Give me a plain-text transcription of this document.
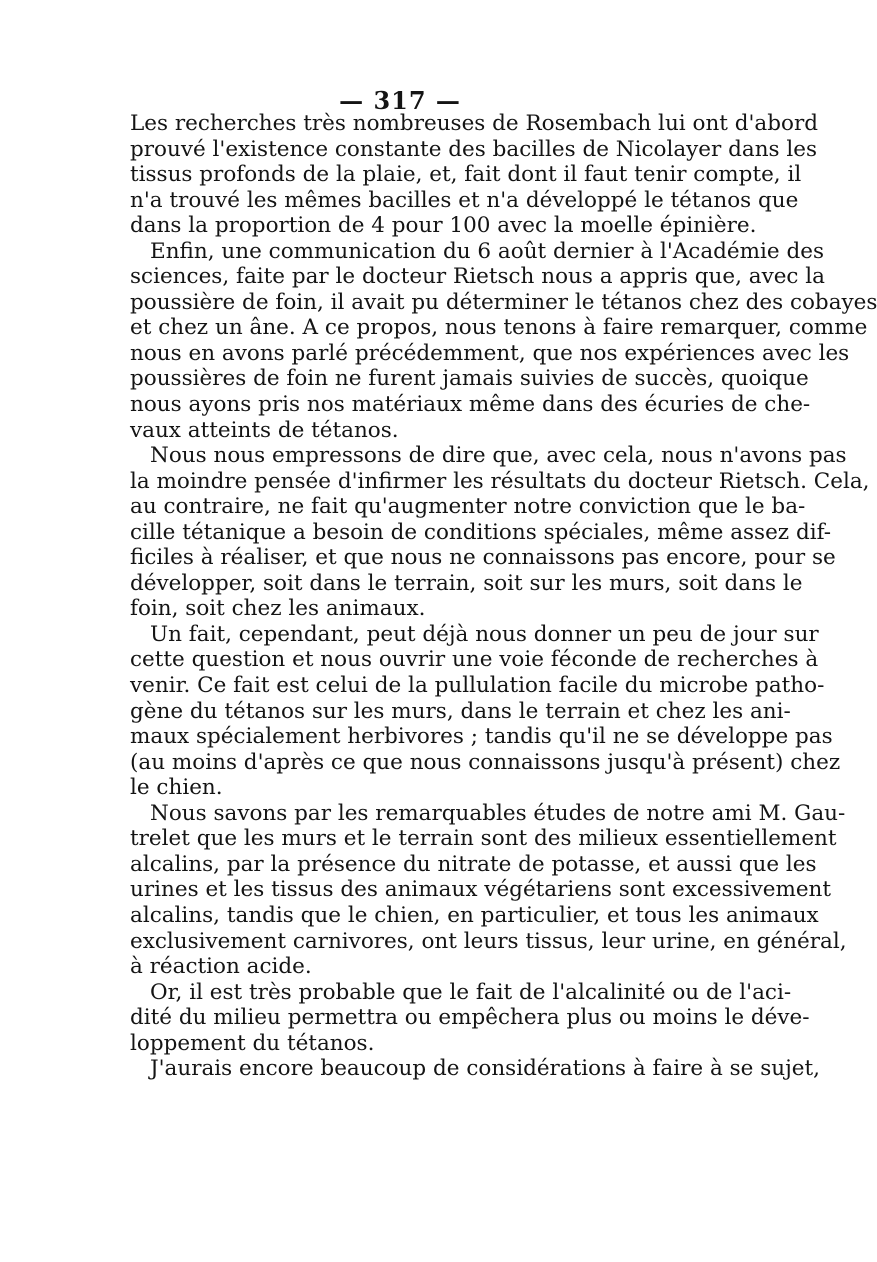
— 317 —
Les recherches très nombreuses de Rosembach lui ont d'abord
prouvé l'existence constante des bacilles de Nicolayer dans les
tissus profonds de la plaie, et, fait dont il faut tenir compte, il
n'a trouvé les mêmes bacilles et n'a développé le tétanos que
dans la proportion de 4 pour 100 avec la moelle épinière.
Enfin, une communication du 6 août dernier à l'Académie des
sciences, faite par le docteur Rietsch nous a appris que, avec la
poussière de foin, il avait pu déterminer le tétanos chez des cobayes
et chez un âne. A ce propos, nous tenons à faire remarquer, comme
nous en avons parlé précédemment, que nos expériences avec les
poussières de foin ne furent jamais suivies de succès, quoique
nous ayons pris nos matériaux même dans des écuries de che-
vaux atteints de tétanos.
Nous nous empressons de dire que, avec cela, nous n'avons pas
la moindre pensée d'infirmer les résultats du docteur Rietsch. Cela,
au contraire, ne fait qu'augmenter notre conviction que le ba-
cille tétanique a besoin de conditions spéciales, même assez dif-
ficiles à réaliser, et que nous ne connaissons pas encore, pour se
développer, soit dans le terrain, soit sur les murs, soit dans le
foin, soit chez les animaux.
Un fait, cependant, peut déjà nous donner un peu de jour sur
cette question et nous ouvrir une voie féconde de recherches à
venir. Ce fait est celui de la pullulation facile du microbe patho-
gène du tétanos sur les murs, dans le terrain et chez les ani-
maux spécialement herbivores ; tandis qu'il ne se développe pas
(au moins d'après ce que nous connaissons jusqu'à présent) chez
le chien.
Nous savons par les remarquables études de notre ami M. Gau-
trelet que les murs et le terrain sont des milieux essentiellement
alcalins, par la présence du nitrate de potasse, et aussi que les
urines et les tissus des animaux végétariens sont excessivement
alcalins, tandis que le chien, en particulier, et tous les animaux
exclusivement carnivores, ont leurs tissus, leur urine, en général,
à réaction acide.
Or, il est très probable que le fait de l'alcalinité ou de l'aci-
dité du milieu permettra ou empêchera plus ou moins le déve-
loppement du tétanos.
J'aurais encore beaucoup de considérations à faire à se sujet,
